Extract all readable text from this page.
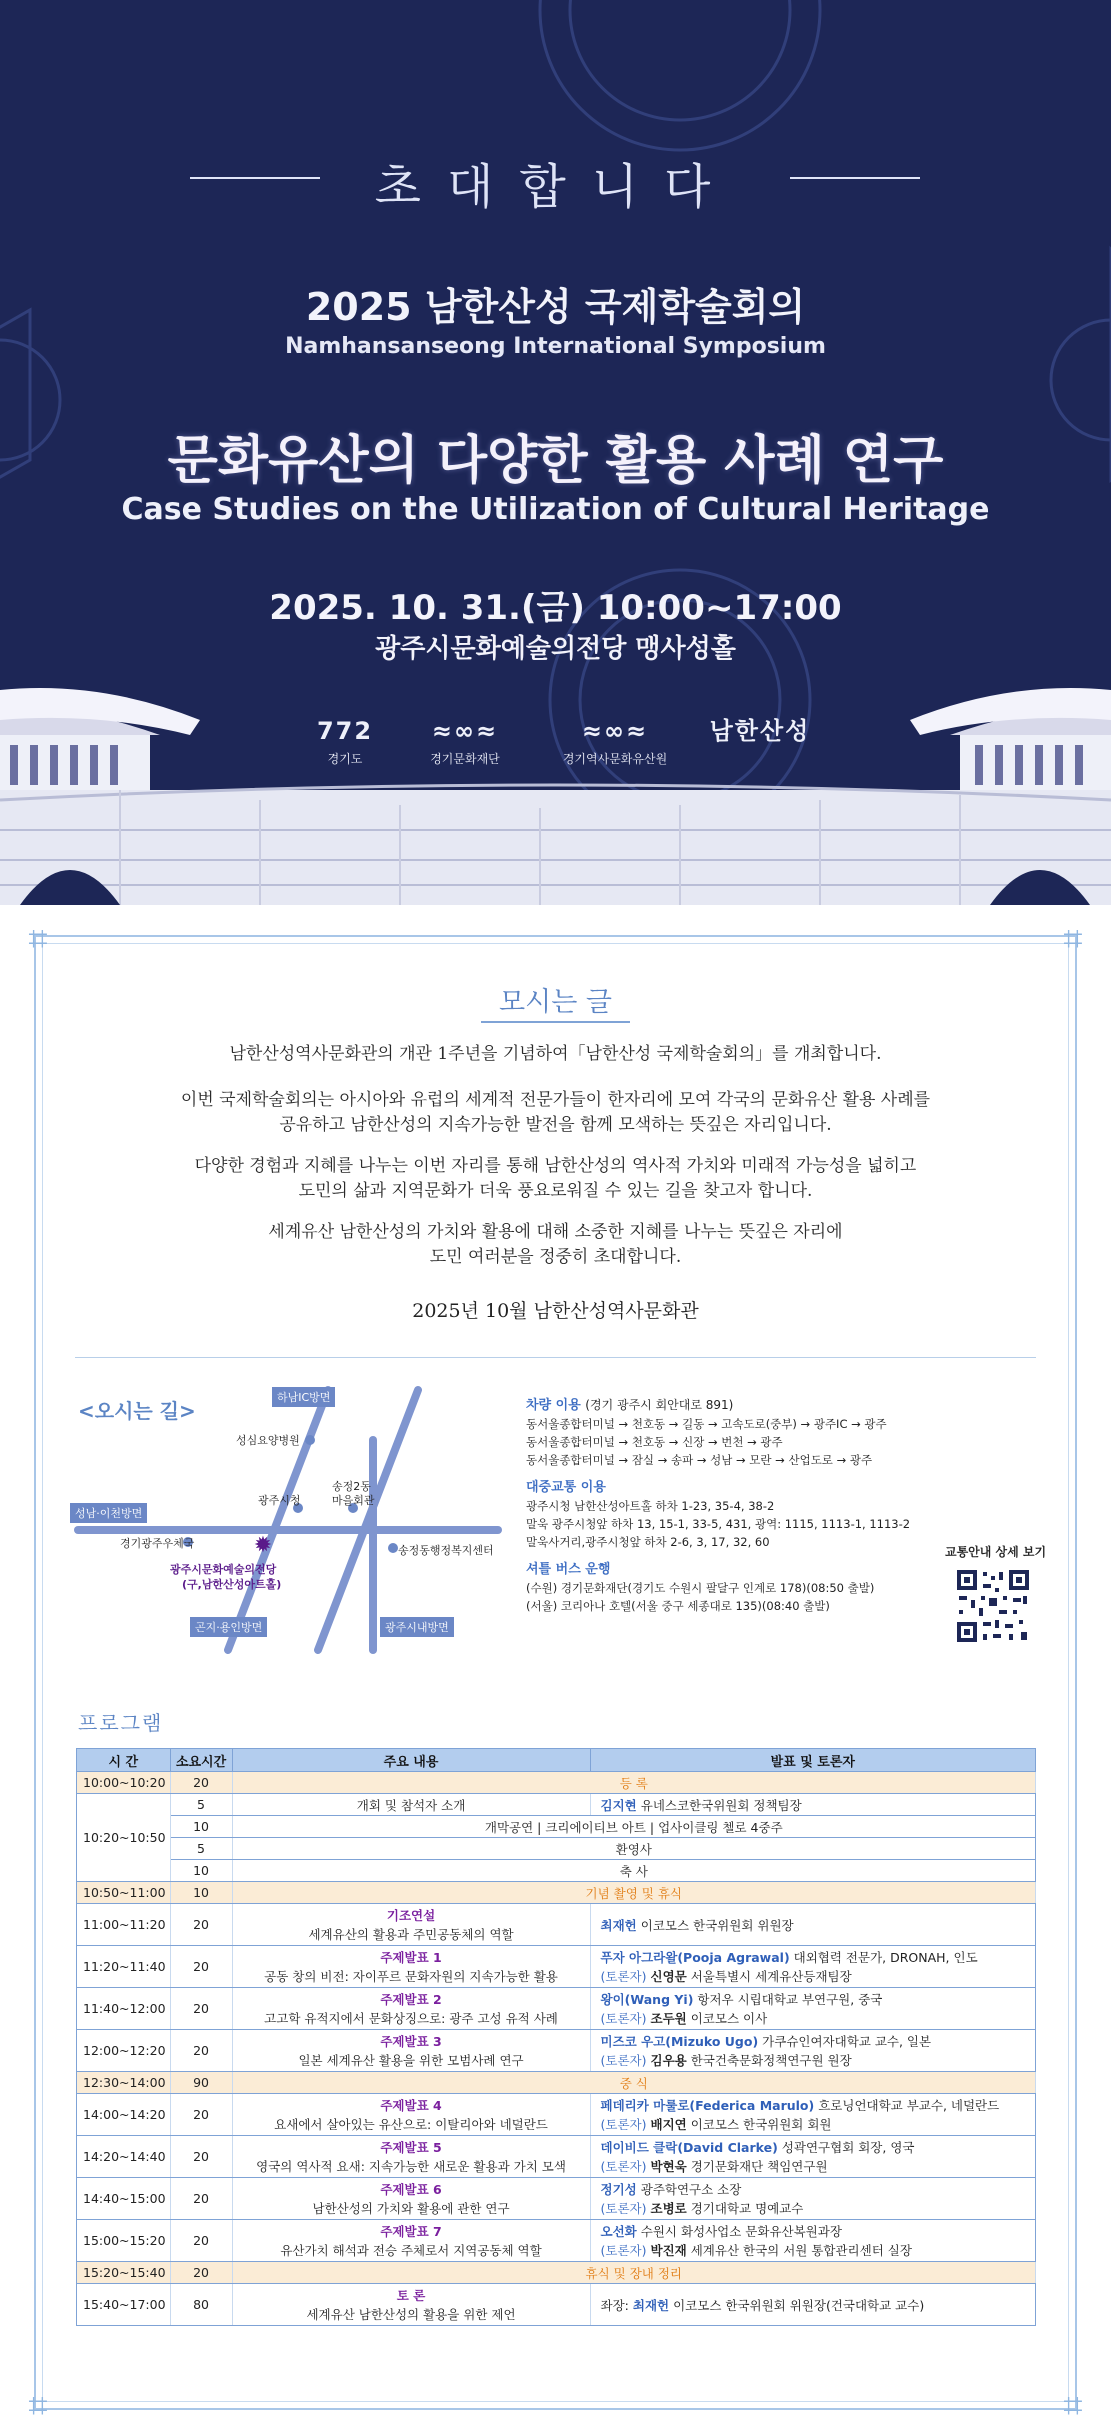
초대합니다
2025 남한산성 국제학술회의
Namhansanseong International Symposium
문화유산의 다양한 활용 사례 연구
Case Studies on the Utilization of Cultural Heritage
2025. 10. 31.(금) 10:00~17:00
광주시문화예술의전당 맹사성홀
772
경기도
≈∞≈
경기문화재단
≈∞≈
경기역사문화유산원
남한산성
⌗	⌗
⌗	⌗
모시는 글
남한산성역사문화관의 개관 1주년을 기념하여「남한산성 국제학술회의」를 개최합니다.
이번 국제학술회의는 아시아와 유럽의 세계적 전문가들이 한자리에 모여 각국의 문화유산 활용 사례를
공유하고 남한산성의 지속가능한 발전을 함께 모색하는 뜻깊은 자리입니다.
다양한 경험과 지혜를 나누는 이번 자리를 통해 남한산성의 역사적 가치와 미래적 가능성을 넓히고
도민의 삶과 지역문화가 더욱 풍요로워질 수 있는 길을 찾고자 합니다.
세계유산 남한산성의 가치와 활용에 대해 소중한 지혜를 나누는 뜻깊은 자리에
도민 여러분을 정중히 초대합니다.
2025년 10월 남한산성역사문화관
<오시는 길>
✹
하남IC방면
성심요양병원
광주시청
송정2동
마을회관
성남·이천방면
경기광주우체국
광주시문화예술의전당
(구,남한산성아트홀)
송정동행정복지센터
곤지·용인방면	광주시내방면
차량 이용 (경기 광주시 회안대로 891)
동서울종합터미널 → 천호동 → 길동 → 고속도로(중부) → 광주IC → 광주
동서울종합터미널 → 천호동 → 신장 → 번천 → 광주
동서울종합터미널 → 잠실 → 송파 → 성남 → 모란 → 산업도로 → 광주
대중교통 이용
광주시청 남한산성아트홀 하차 1-23, 35-4, 38-2
말욱 광주시청앞 하차 13, 15-1, 33-5, 431, 광역: 1115, 1113-1, 1113-2
말욱사거리,광주시청앞 하차 2-6, 3, 17, 32, 60
셔틀 버스 운행
(수원) 경기문화재단(경기도 수원시 팔달구 인계로 178)(08:50 출발)
(서울) 코리아나 호텔(서울 중구 세종대로 135)(08:40 출발)
교통안내 상세 보기
프로그램
시 간	소요시간	주요 내용	발표 및 토론자
10:00~10:20	20	등 록	
10:20~10:50	5	개회 및 참석자 소개	김지현 유네스코한국위원회 정책팀장
	10	개막공연 | 크리에이티브 아트 | 업사이클링 첼로 4중주	
	5	환영사	
	10	축 사	
10:50~11:00	10	기념 촬영 및 휴식	
11:00~11:20	20	기조연설
세계유산의 활용과 주민공동체의 역할	최재헌 이코모스 한국위원회 위원장
11:20~11:40	20	주제발표 1
공동 창의 비전: 자이푸르 문화자원의 지속가능한 활용	푸자 아그라왈(Pooja Agrawal) 대외협력 전문가, DRONAH, 인도
(토론자) 신영문 서울특별시 세계유산등재팀장

11:40~12:00	20	주제발표 2
고고학 유적지에서 문화상징으로: 광주 고성 유적 사례	왕이(Wang Yi) 항저우 시립대학교 부연구원, 중국
(토론자) 조두원 이코모스 이사

12:00~12:20	20	주제발표 3
일본 세계유산 활용을 위한 모범사례 연구	미즈코 우고(Mizuko Ugo) 가쿠슈인여자대학교 교수, 일본
(토론자) 김우용 한국건축문화정책연구원 원장

12:30~14:00	90	중 식	
14:00~14:20	20	주제발표 4
요새에서 살아있는 유산으로: 이탈리아와 네덜란드	페데리카 마룰로(Federica Marulo) 흐로닝언대학교 부교수, 네덜란드
(토론자) 배지연 이코모스 한국위원회 회원

14:20~14:40	20	주제발표 5
영국의 역사적 요새: 지속가능한 새로운 활용과 가치 모색	데이비드 클락(David Clarke) 성곽연구협회 회장, 영국
(토론자) 박현욱 경기문화재단 책임연구원

14:40~15:00	20	주제발표 6
남한산성의 가치와 활용에 관한 연구	정기성 광주학연구소 소장
(토론자) 조병로 경기대학교 명예교수

15:00~15:20	20	주제발표 7
유산가치 해석과 전승 주체로서 지역공동체 역할	오선화 수원시 화성사업소 문화유산복원과장
(토론자) 박진재 세계유산 한국의 서원 통합관리센터 실장

15:20~15:40	20	휴식 및 장내 정리	
15:40~17:00	80	토 론
세계유산 남한산성의 활용을 위한 제언	좌장: 최재헌 이코모스 한국위원회 위원장(건국대학교 교수)
